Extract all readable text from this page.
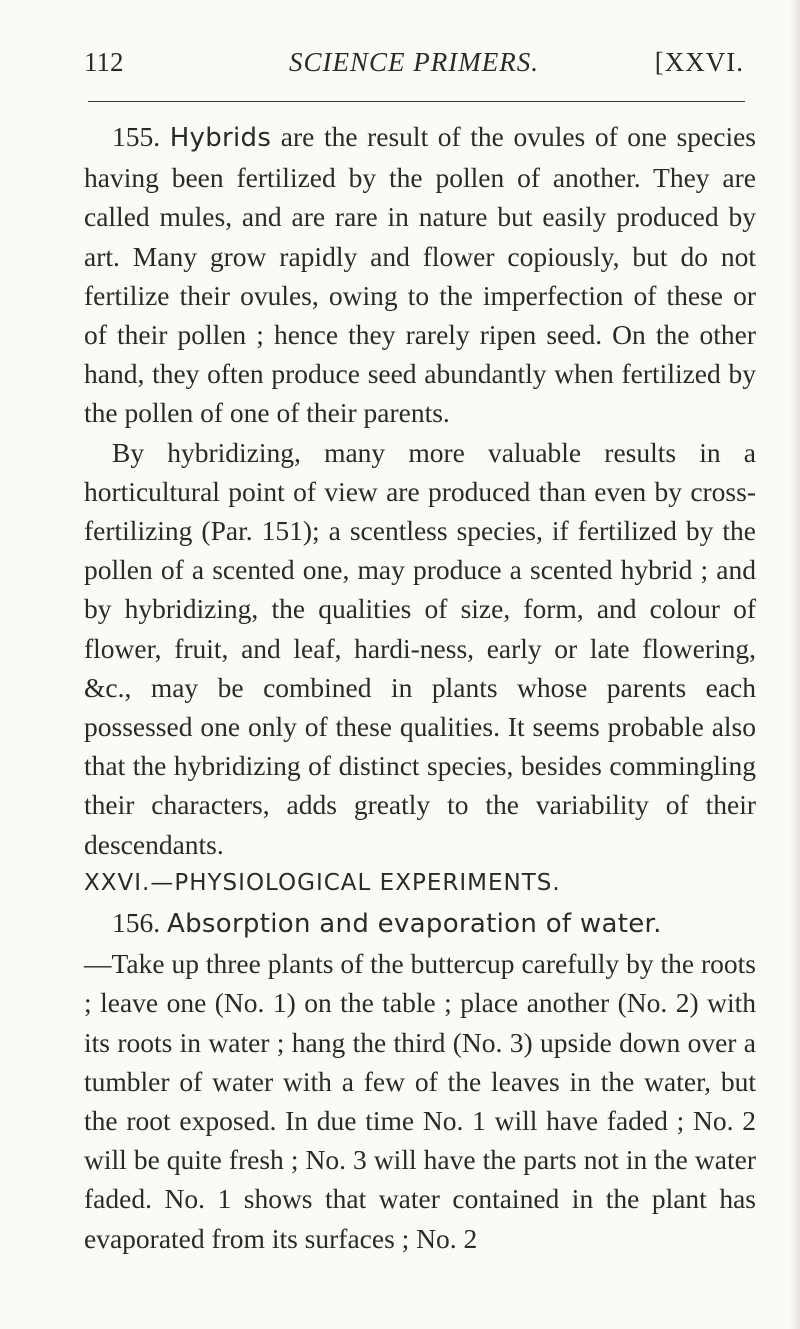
112	SCIENCE PRIMERS.	[XXVI.

155. Hybrids are the result of the ovules of one species having been fertilized by the pollen of another. They are called mules, and are rare in nature but easily produced by art. Many grow rapidly and flower copiously, but do not fertilize their ovules, owing to the imperfection of these or of their pollen ; hence they rarely ripen seed. On the other hand, they often produce seed abundantly when fertilized by the pollen of one of their parents.

By hybridizing, many more valuable results in a horticultural point of view are produced than even by cross-fertilizing (Par. 151); a scentless species, if fertilized by the pollen of a scented one, may produce a scented hybrid ; and by hybridizing, the qualities of size, form, and colour of flower, fruit, and leaf, hardi-ness, early or late flowering, &c., may be combined in plants whose parents each possessed one only of these qualities. It seems probable also that the hybridizing of distinct species, besides commingling their characters, adds greatly to the variability of their descendants.

XXVI.—PHYSIOLOGICAL EXPERIMENTS.

156. Absorption and evaporation of water.
—Take up three plants of the buttercup carefully by the roots ; leave one (No. 1) on the table ; place another (No. 2) with its roots in water ; hang the third (No. 3) upside down over a tumbler of water with a few of the leaves in the water, but the root exposed. In due time No. 1 will have faded ; No. 2 will be quite fresh ; No. 3 will have the parts not in the water faded. No. 1 shows that water contained in the plant has evaporated from its surfaces ; No. 2
